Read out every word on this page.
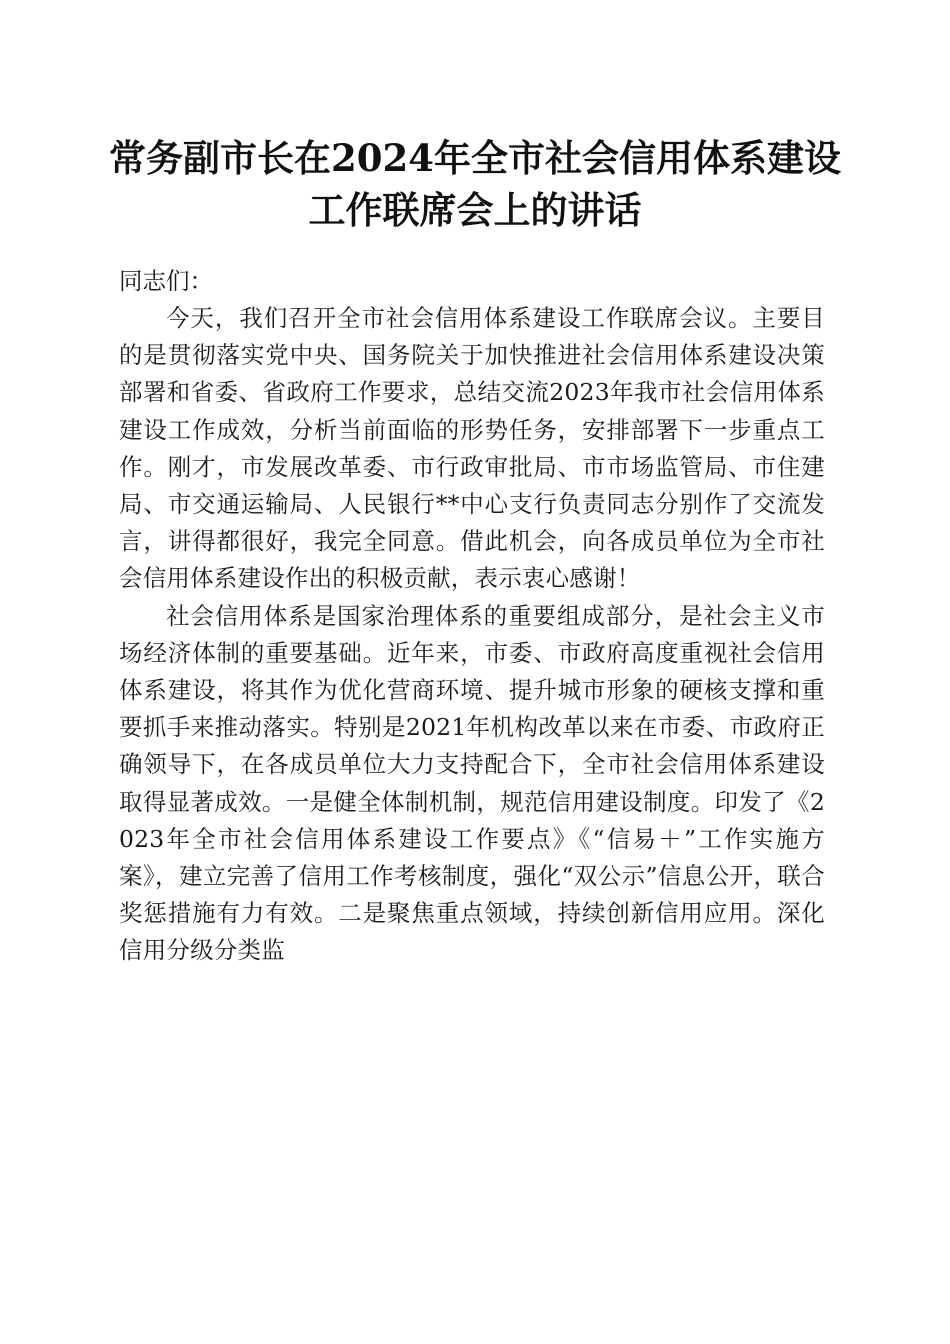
常务副市长在2024年全市社会信用体系建设
工作联席会上的讲话

同志们：

今天，我们召开全市社会信用体系建设工作联席会议。主要目的是贯彻落实党中央、国务院关于加快推进社会信用体系建设决策部署和省委、省政府工作要求，总结交流2023年我市社会信用体系建设工作成效，分析当前面临的形势任务，安排部署下一步重点工作。刚才，市发展改革委、市行政审批局、市市场监管局、市住建局、市交通运输局、人民银行**中心支行负责同志分别作了交流发言，讲得都很好，我完全同意。借此机会，向各成员单位为全市社会信用体系建设作出的积极贡献，表示衷心感谢！

社会信用体系是国家治理体系的重要组成部分，是社会主义市场经济体制的重要基础。近年来，市委、市政府高度重视社会信用体系建设，将其作为优化营商环境、提升城市形象的硬核支撑和重要抓手来推动落实。特别是2021年机构改革以来在市委、市政府正确领导下，在各成员单位大力支持配合下，全市社会信用体系建设取得显著成效。一是健全体制机制，规范信用建设制度。印发了《2023年全市社会信用体系建设工作要点》《“信易＋”工作实施方案》，建立完善了信用工作考核制度，强化“双公示”信息公开，联合奖惩措施有力有效。二是聚焦重点领域，持续创新信用应用。深化信用分级分类监
